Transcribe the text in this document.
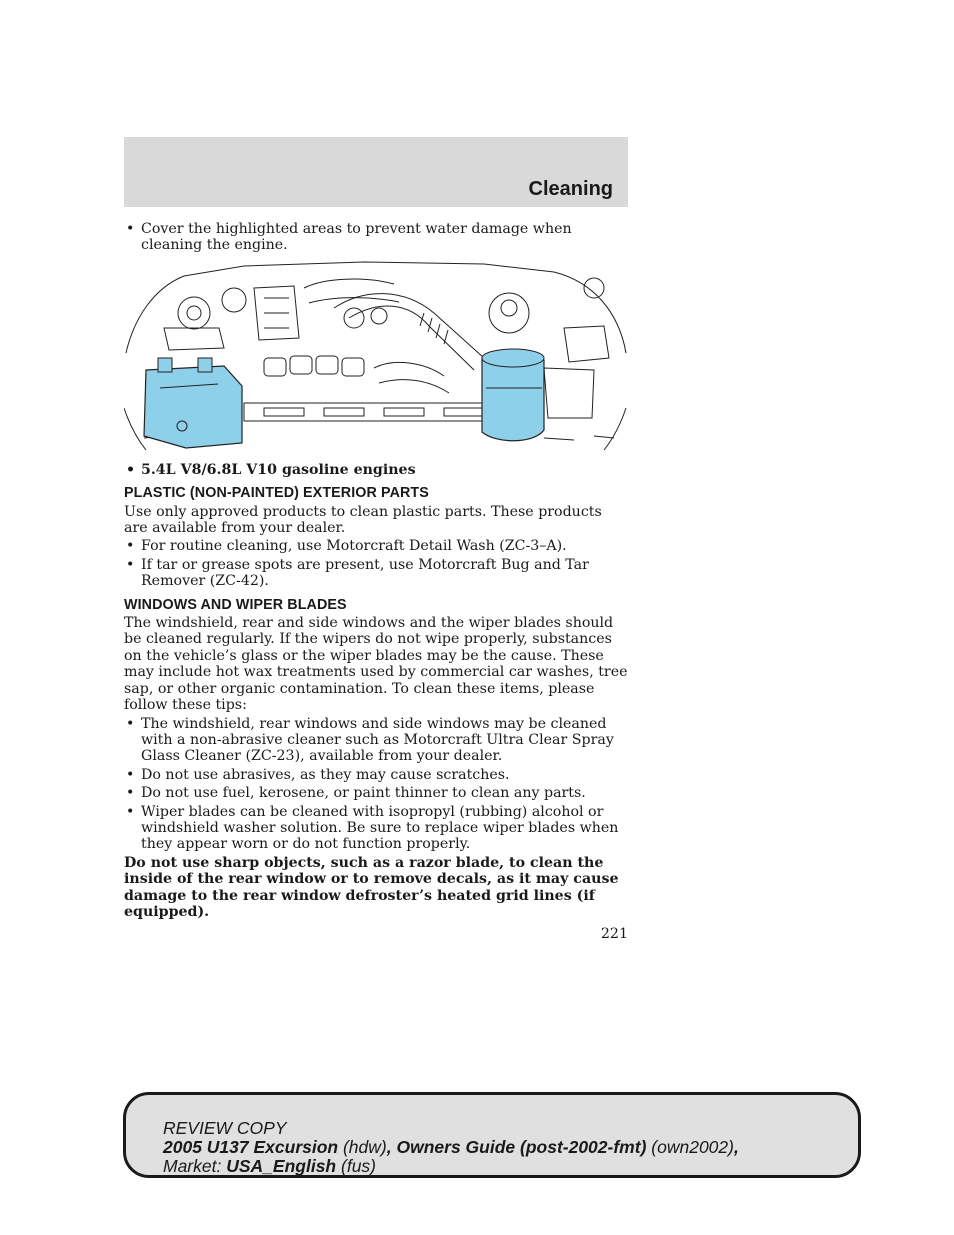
Cleaning

• Cover the highlighted areas to prevent water damage when cleaning the engine.

• 5.4L V8/6.8L V10 gasoline engines

PLASTIC (NON-PAINTED) EXTERIOR PARTS

Use only approved products to clean plastic parts. These products are available from your dealer.

• For routine cleaning, use Motorcraft Detail Wash (ZC-3–A).

• If tar or grease spots are present, use Motorcraft Bug and Tar Remover (ZC-42).

WINDOWS AND WIPER BLADES

The windshield, rear and side windows and the wiper blades should be cleaned regularly. If the wipers do not wipe properly, substances on the vehicle’s glass or the wiper blades may be the cause. These may include hot wax treatments used by commercial car washes, tree sap, or other organic contamination. To clean these items, please follow these tips:

• The windshield, rear windows and side windows may be cleaned with a non-abrasive cleaner such as Motorcraft Ultra Clear Spray Glass Cleaner (ZC-23), available from your dealer.

• Do not use abrasives, as they may cause scratches.

• Do not use fuel, kerosene, or paint thinner to clean any parts.

• Wiper blades can be cleaned with isopropyl (rubbing) alcohol or windshield washer solution. Be sure to replace wiper blades when they appear worn or do not function properly.

Do not use sharp objects, such as a razor blade, to clean the inside of the rear window or to remove decals, as it may cause damage to the rear window defroster’s heated grid lines (if equipped).

221
REVIEW COPY
2005 U137 Excursion (hdw), Owners Guide (post-2002-fmt) (own2002),
Market: USA_English (fus)
